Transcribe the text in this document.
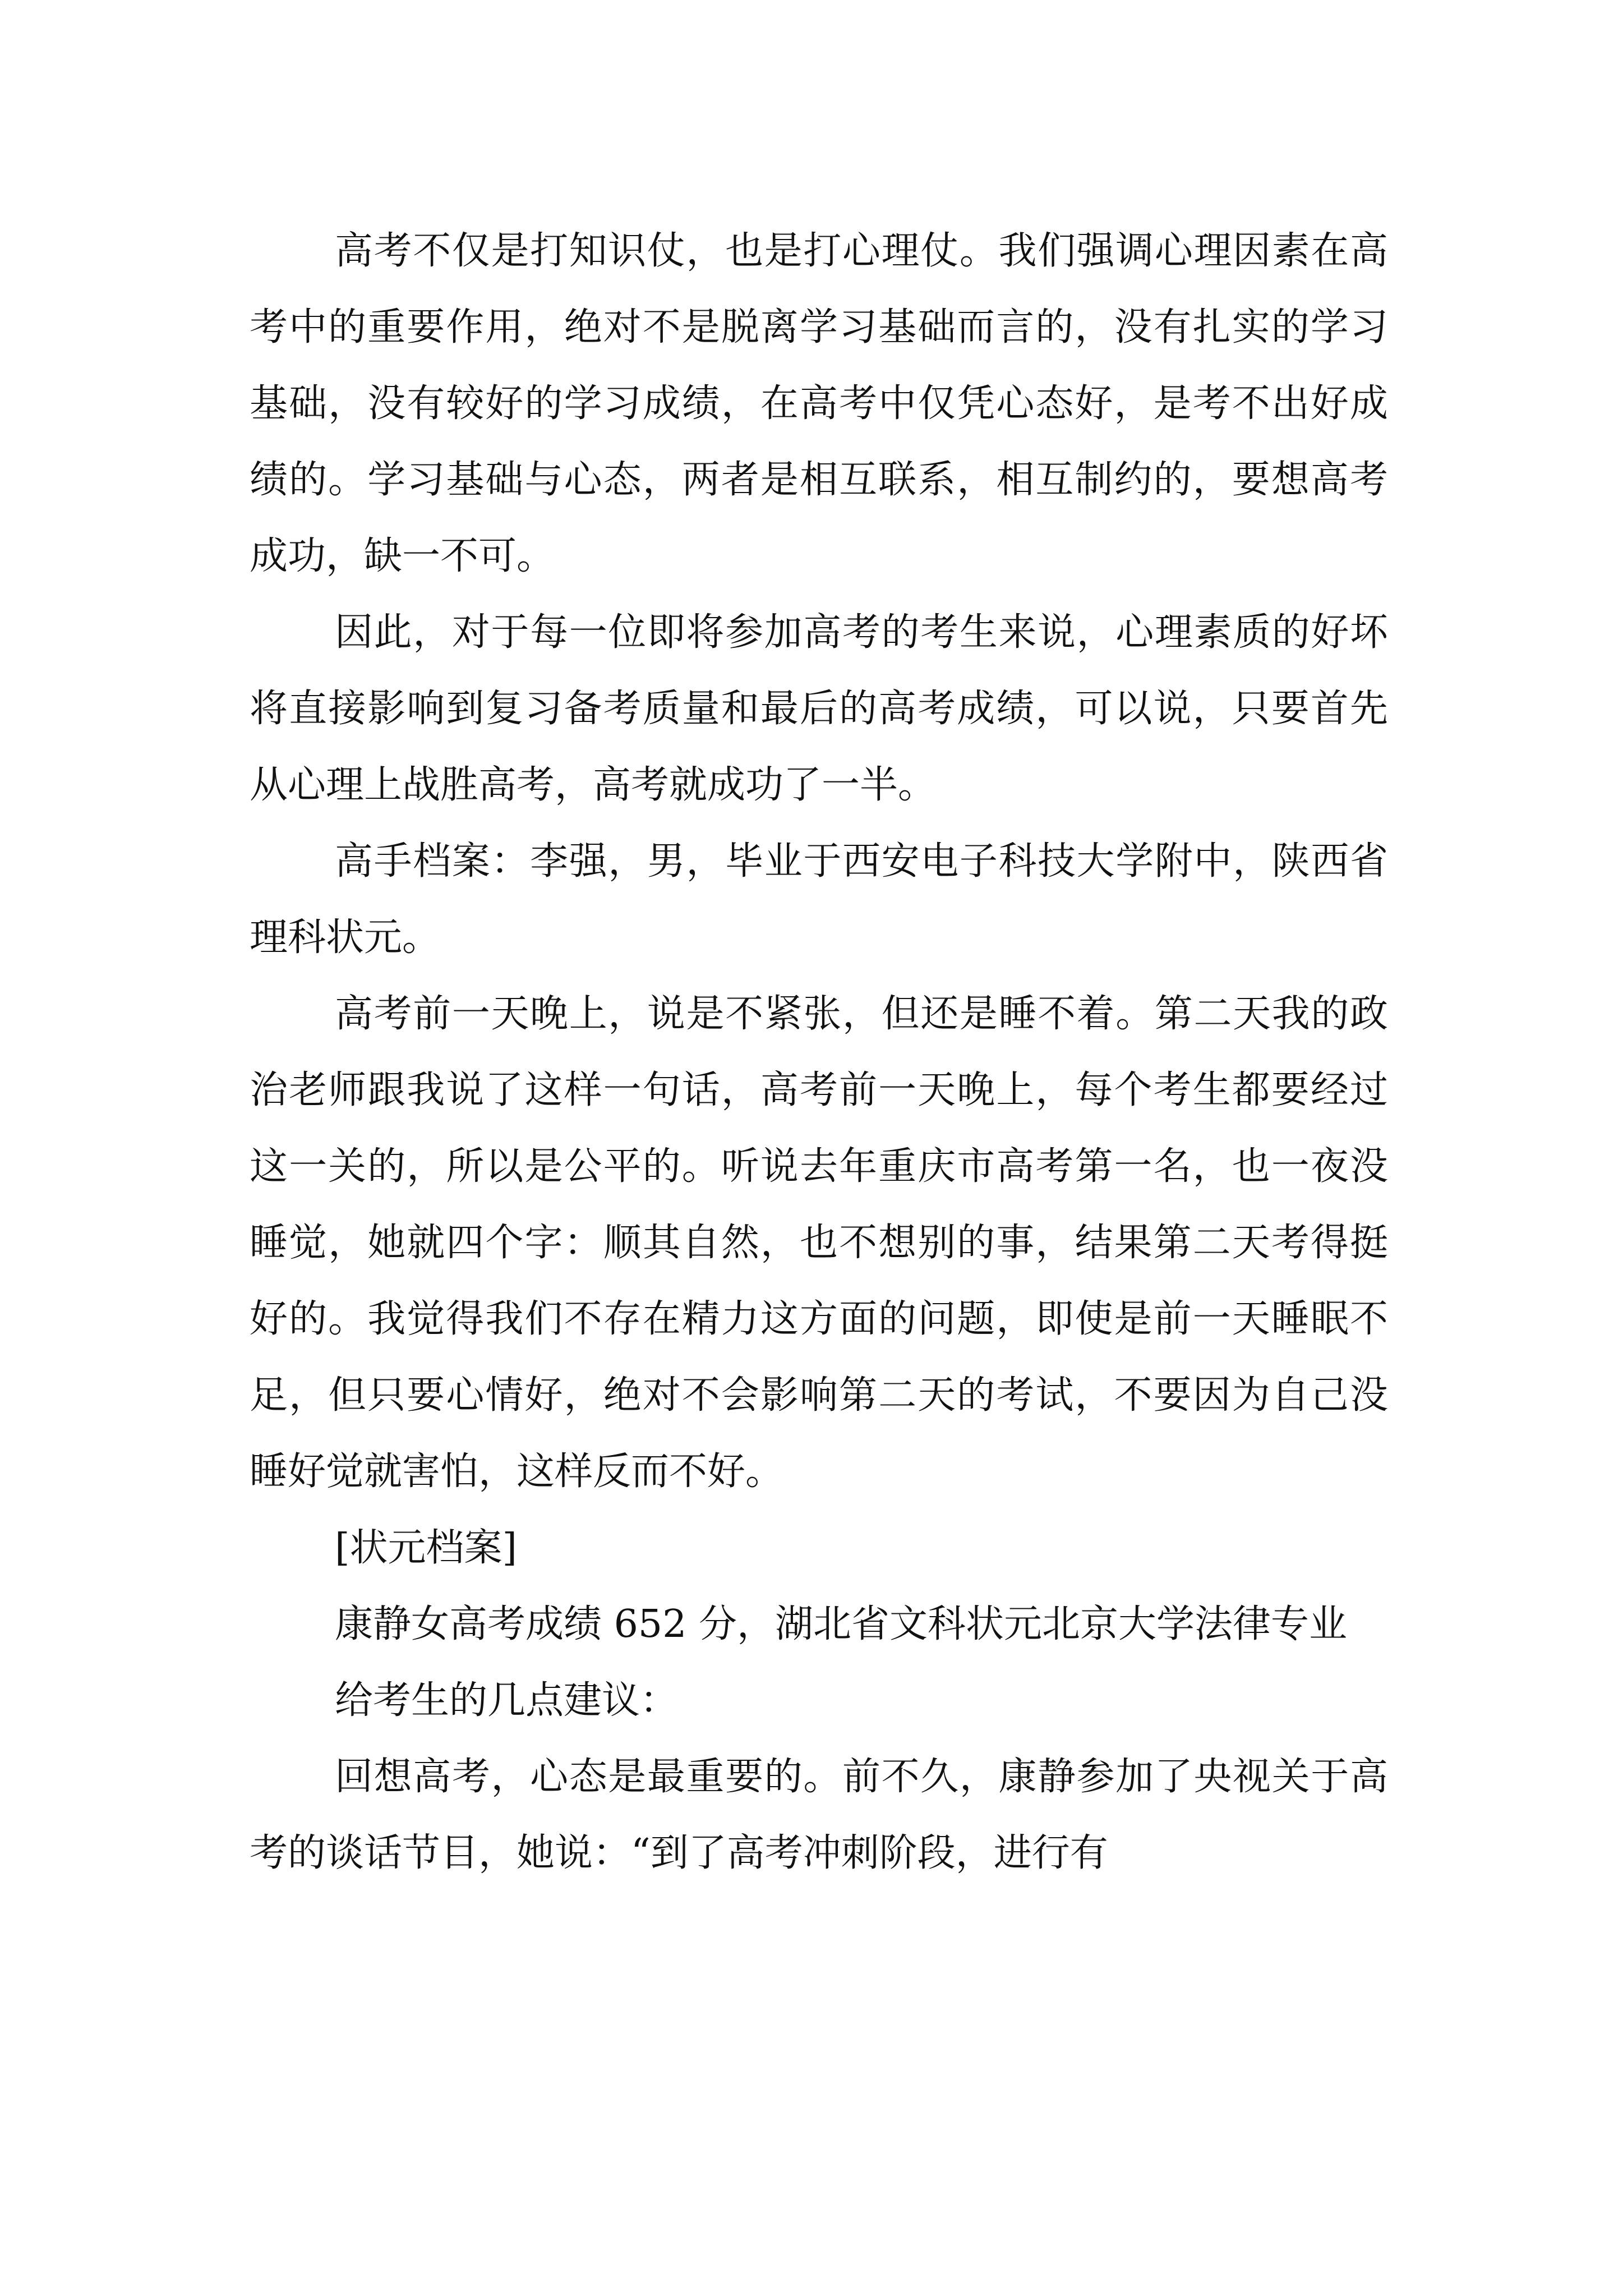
高考不仅是打知识仗，也是打心理仗。我们强调心理因素在高考中的重要作用，绝对不是脱离学习基础而言的，没有扎实的学习基础，没有较好的学习成绩，在高考中仅凭心态好，是考不出好成绩的。学习基础与心态，两者是相互联系，相互制约的，要想高考成功，缺一不可。

因此，对于每一位即将参加高考的考生来说，心理素质的好坏将直接影响到复习备考质量和最后的高考成绩，可以说，只要首先从心理上战胜高考，高考就成功了一半。

高手档案：李强，男，毕业于西安电子科技大学附中，陕西省理科状元。

高考前一天晚上，说是不紧张，但还是睡不着。第二天我的政治老师跟我说了这样一句话，高考前一天晚上，每个考生都要经过这一关的，所以是公平的。听说去年重庆市高考第一名，也一夜没睡觉，她就四个字：顺其自然，也不想别的事，结果第二天考得挺好的。我觉得我们不存在精力这方面的问题，即使是前一天睡眠不足，但只要心情好，绝对不会影响第二天的考试，不要因为自己没睡好觉就害怕，这样反而不好。

[状元档案]

康静女高考成绩 652 分，湖北省文科状元北京大学法律专业

给考生的几点建议：

回想高考，心态是最重要的。前不久，康静参加了央视关于高考的谈话节目，她说：“到了高考冲刺阶段，进行有
